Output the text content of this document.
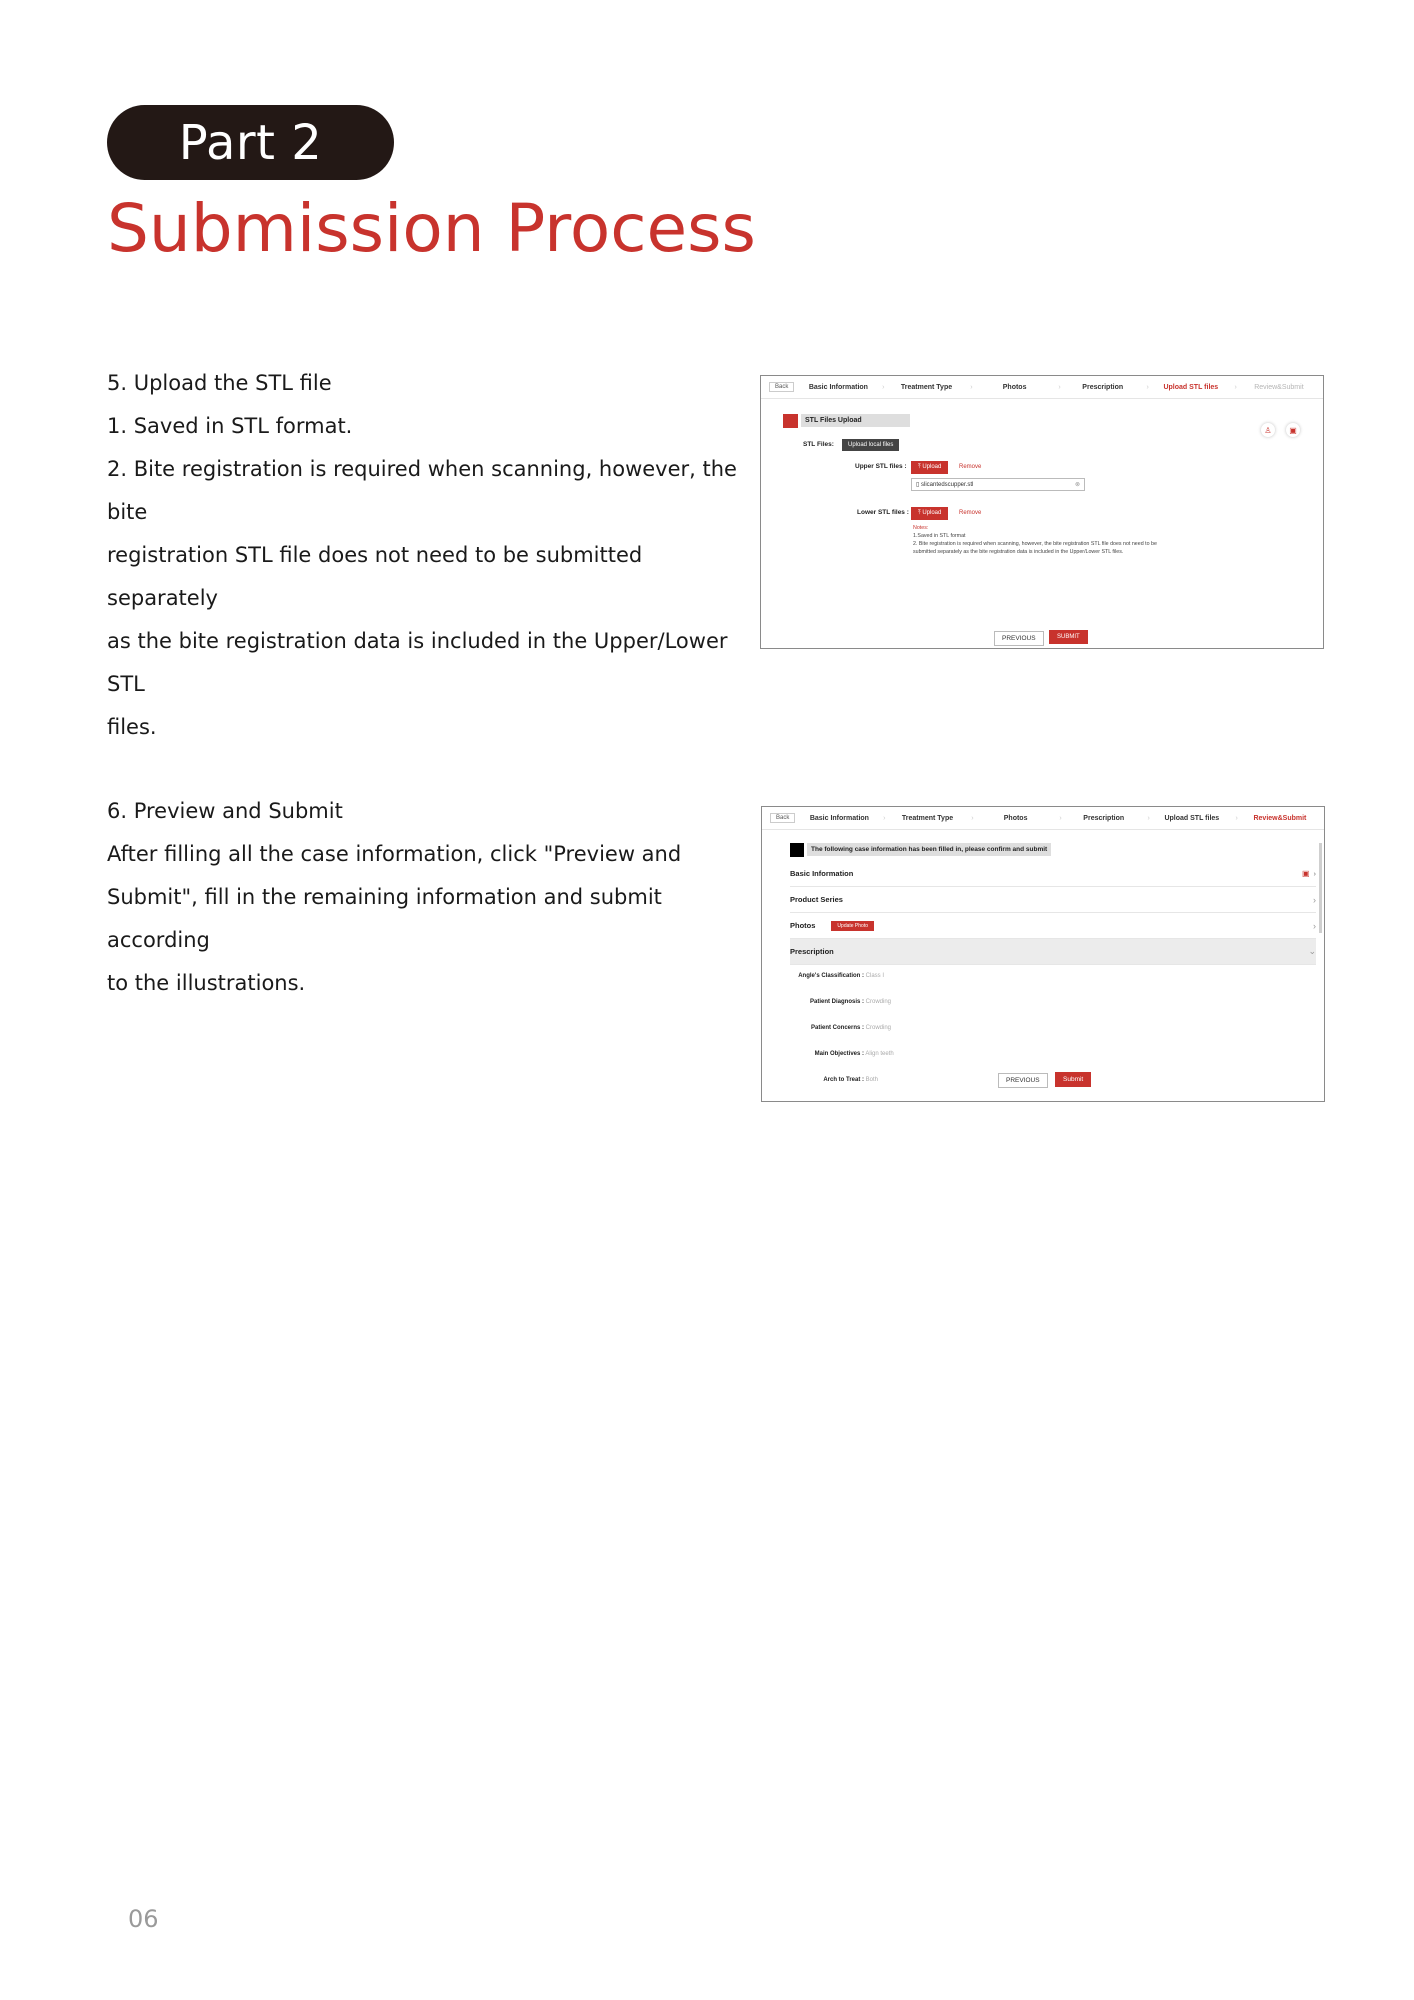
Part 2
Submission Process

5. Upload the STL file

1. Saved in STL format.

2. Bite registration is required when scanning, however, the bite

registration STL file does not need to be submitted separately

as the bite registration data is included in the Upper/Lower STL

files.

Back	Basic Information ›	Treatment Type ›	Photos ›	Prescription ›	Upload STL files ›	Review&Submit
STL Files Upload
STL Files:	Upload local files
Upper STL files :	⤒ Upload	Remove
▯ slicantedscupper.stl	⊗
Lower STL files :	⤒ Upload	Remove
Notes:
1.Saved in STL format
2. Bite registration is required when scanning, however, the bite registration STL file does not need to be submitted separately as the bite registration data is included in the Upper/Lower STL files.
♙	▣
PREVIOUS	SUBMIT

6. Preview and Submit

After filling all the case information, click "Preview and

Submit", fill in the remaining information and submit according

to the illustrations.

Back	Basic Information ›	Treatment Type ›	Photos ›	Prescription ›	Upload STL files ›	Review&Submit
The following case information has been filled in, please confirm and submit
Basic Information	▣ ›
Product Series	›
Photos	Update Photo	›
Prescription	⌄
Angle's Classification : Class I
Patient Diagnosis : Crowding
Patient Concerns : Crowding
Main Objectives : Align teeth
Arch to Treat : Both	PREVIOUS	Submit
06
